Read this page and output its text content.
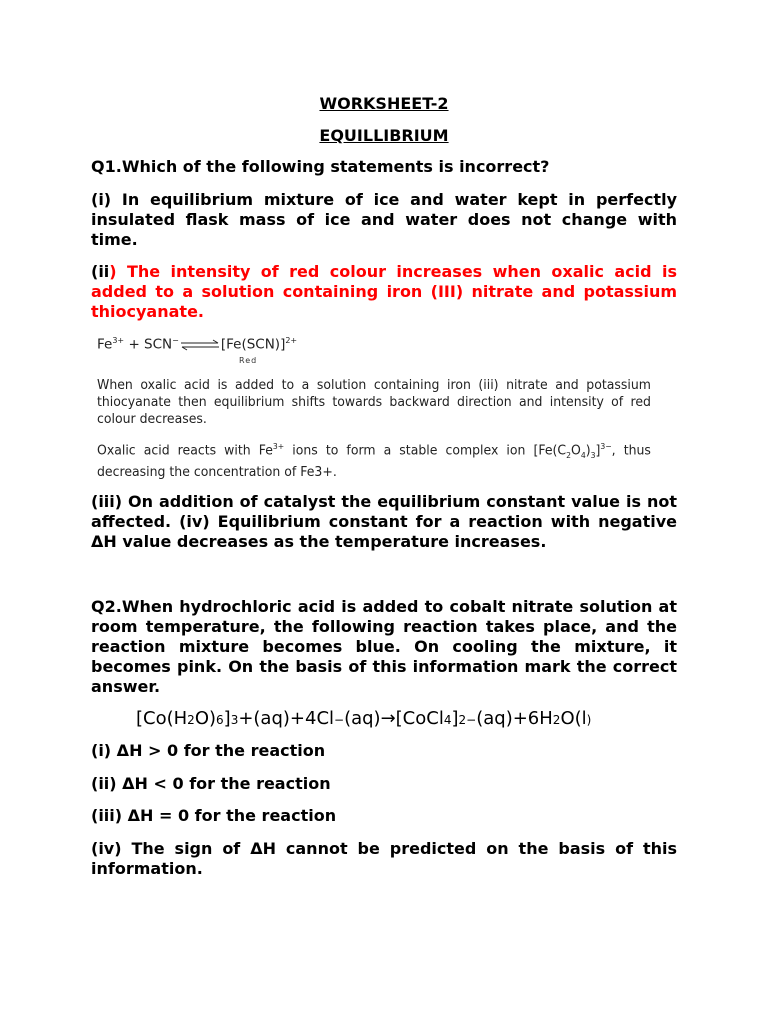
WORKSHEET-2

EQUILLIBRIUM

Q1.Which of the following statements is incorrect?

(i) In equilibrium mixture of ice and water kept in perfectly insulated flask mass of ice and water does not change with time.

(ii) The intensity of red colour increases when oxalic acid is added to a solution containing iron (III) nitrate and potassium thiocyanate.

$Fe^{3+}$ + $SCN^-\rightleftharpoons[Fe(SCN)]^{2+}$
Red

When oxalic acid is added to a solution containing iron (iii) nitrate and potassium thiocyanate then equilibrium shifts towards backward direction and intensity of red colour decreases.

Oxalic acid reacts with $Fe^{3+}$ ions to form a stable complex ion $[Fe(C_2O_4)_3]^{3-}$, thus decreasing the concentration of Fe3+.

(iii) On addition of catalyst the equilibrium constant value is not affected. (iv) Equilibrium constant for a reaction with negative ΔH value decreases as the temperature increases.

Q2.When hydrochloric acid is added to cobalt nitrate solution at room temperature, the following reaction takes place, and the reaction mixture becomes blue. On cooling the mixture, it becomes pink. On the basis of this information mark the correct answer.

[Co(H2O)6]3+(aq)+4Cl−(aq)→[CoCl4]2−(aq)+6H2O(l)

(i) ΔH > 0 for the reaction

(ii) ΔH < 0 for the reaction

(iii) ΔH = 0 for the reaction

(iv) The sign of ΔH cannot be predicted on the basis of this information.
